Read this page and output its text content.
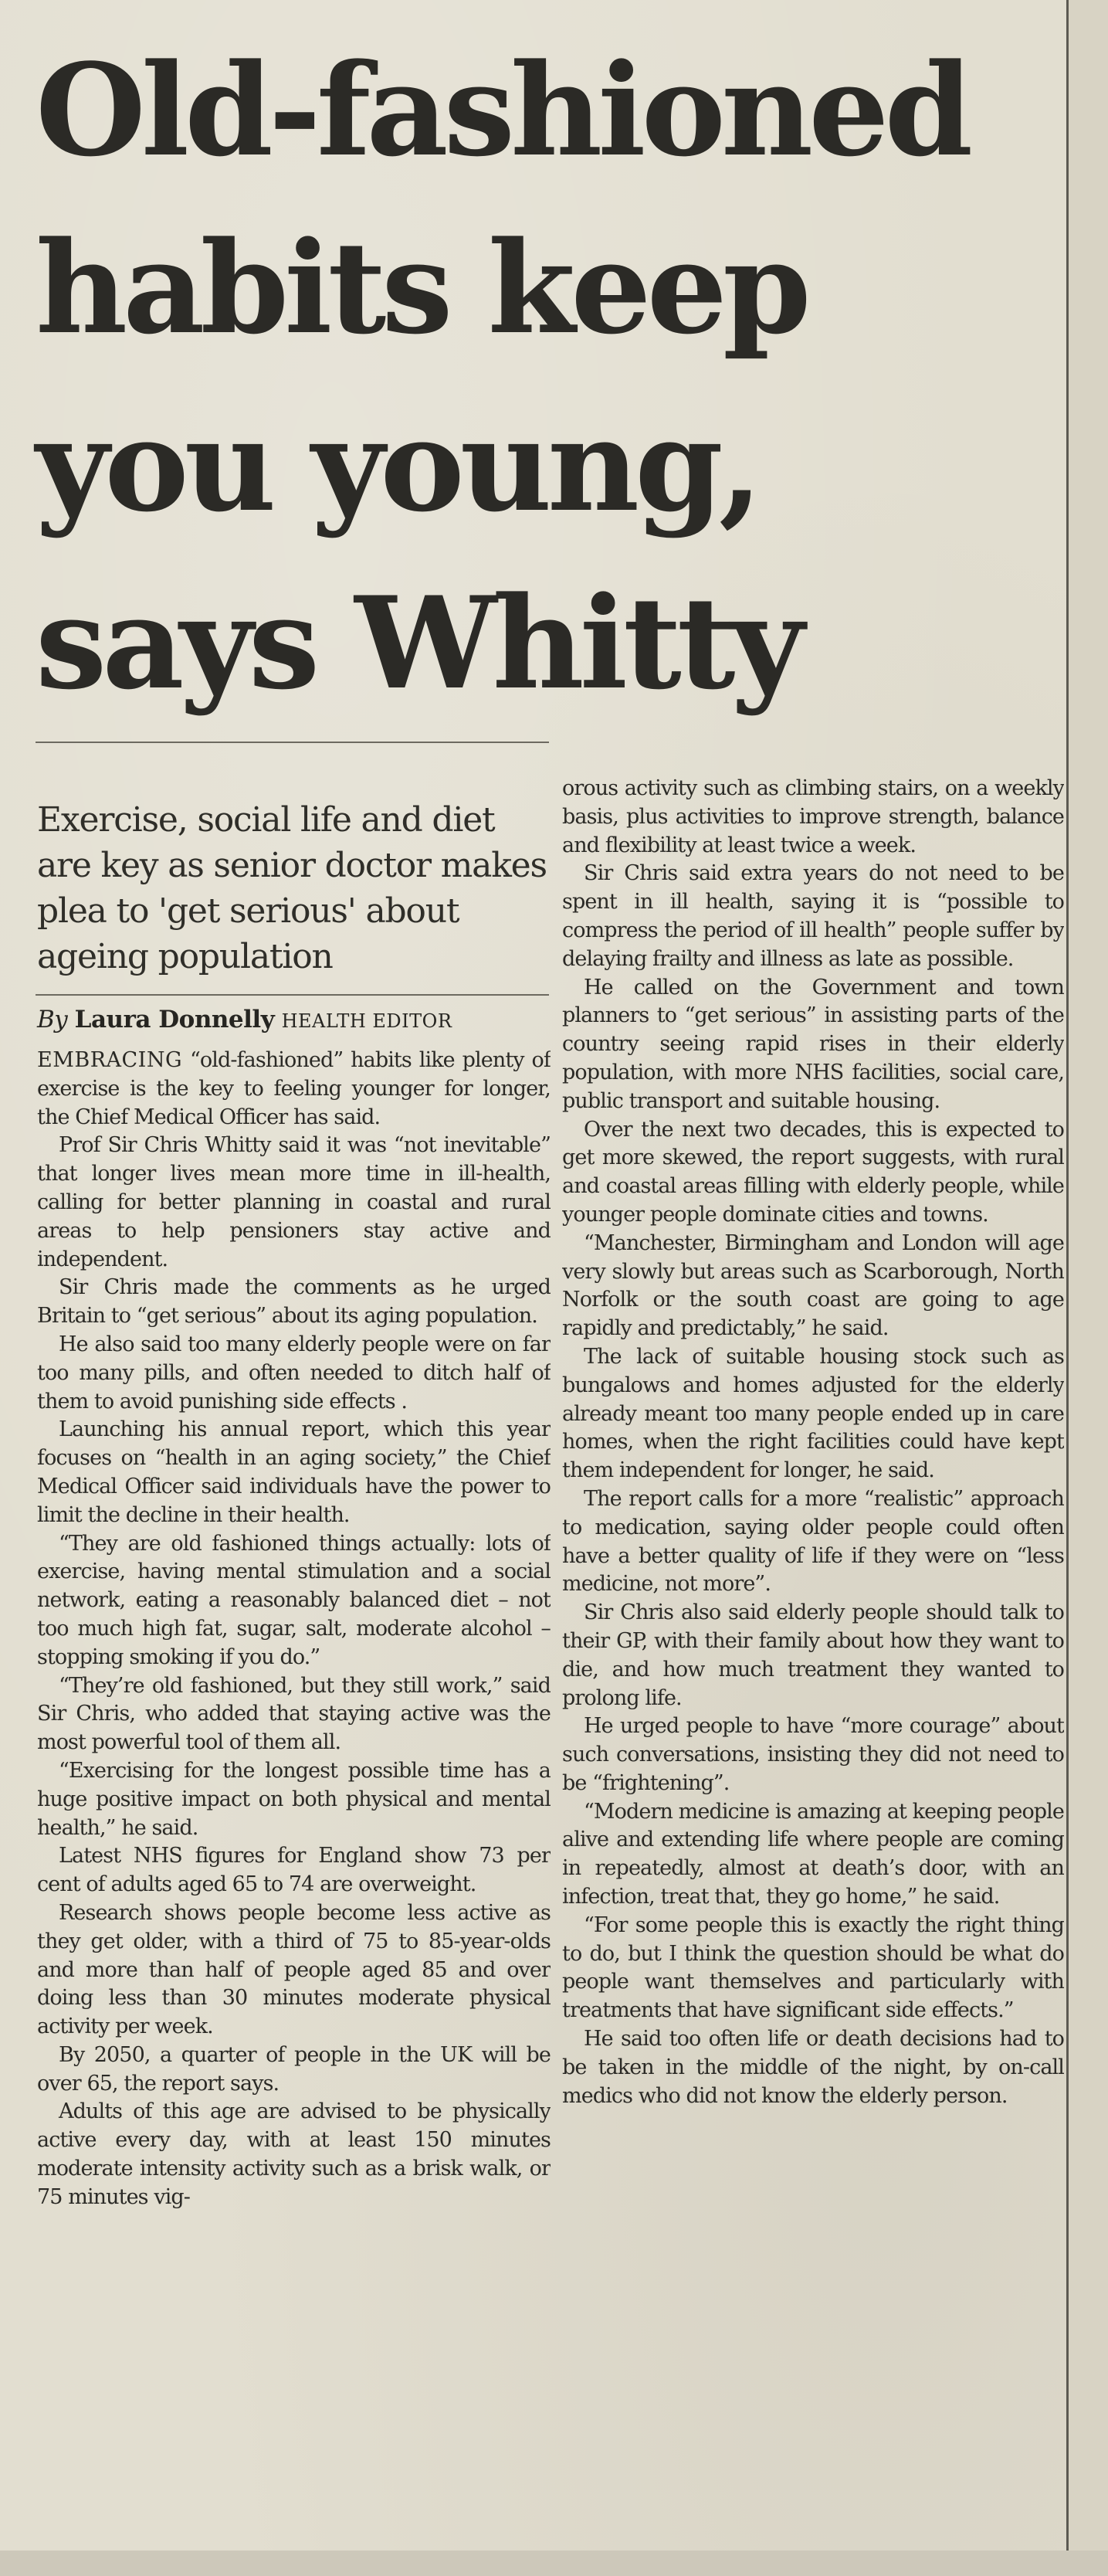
Old-fashioned
habits keep
you young,
says Whitty
Exercise, social life and diet are key as senior doctor makes plea to 'get serious' about ageing population
By Laura Donnelly HEALTH EDITOR

EMBRACING “old-fashioned” habits like plenty of exercise is the key to feeling younger for longer, the Chief Medical Officer has said.

Prof Sir Chris Whitty said it was “not inevitable” that longer lives mean more time in ill-health, calling for better planning in coastal and rural areas to help pensioners stay active and independent.

Sir Chris made the comments as he urged Britain to “get serious” about its aging population.

He also said too many elderly people were on far too many pills, and often needed to ditch half of them to avoid punishing side effects .

Launching his annual report, which this year focuses on “health in an aging society,” the Chief Medical Officer said individuals have the power to limit the decline in their health.

“They are old fashioned things actually: lots of exercise, having mental stimulation and a social network, eating a reasonably balanced diet – not too much high fat, sugar, salt, moderate alcohol – stopping smoking if you do.”

“They’re old fashioned, but they still work,” said Sir Chris, who added that staying active was the most powerful tool of them all.

“Exercising for the longest possible time has a huge positive impact on both physical and mental health,” he said.

Latest NHS figures for England show 73 per cent of adults aged 65 to 74 are overweight.

Research shows people become less active as they get older, with a third of 75 to 85-year-olds and more than half of people aged 85 and over doing less than 30 minutes moderate physical activity per week.

By 2050, a quarter of people in the UK will be over 65, the report says.

Adults of this age are advised to be physically active every day, with at least 150 minutes moderate intensity activity such as a brisk walk, or 75 minutes vig-

orous activity such as climbing stairs, on a weekly basis, plus activities to improve strength, balance and flexibility at least twice a week.

Sir Chris said extra years do not need to be spent in ill health, saying it is “possible to compress the period of ill health” people suffer by delaying frailty and illness as late as possible.

He called on the Government and town planners to “get serious” in assisting parts of the country seeing rapid rises in their elderly population, with more NHS facilities, social care, public transport and suitable housing.

Over the next two decades, this is expected to get more skewed, the report suggests, with rural and coastal areas filling with elderly people, while younger people dominate cities and towns.

“Manchester, Birmingham and London will age very slowly but areas such as Scarborough, North Norfolk or the south coast are going to age rapidly and predictably,” he said.

The lack of suitable housing stock such as bungalows and homes adjusted for the elderly already meant too many people ended up in care homes, when the right facilities could have kept them independent for longer, he said.

The report calls for a more “realistic” approach to medication, saying older people could often have a better quality of life if they were on “less medicine, not more”.

Sir Chris also said elderly people should talk to their GP, with their family about how they want to die, and how much treatment they wanted to prolong life.

He urged people to have “more courage” about such conversations, insisting they did not need to be “frightening”.

“Modern medicine is amazing at keeping people alive and extending life where people are coming in repeatedly, almost at death’s door, with an infection, treat that, they go home,” he said.

“For some people this is exactly the right thing to do, but I think the question should be what do people want themselves and particularly with treatments that have significant side effects.”

He said too often life or death decisions had to be taken in the middle of the night, by on-call medics who did not know the elderly person.
